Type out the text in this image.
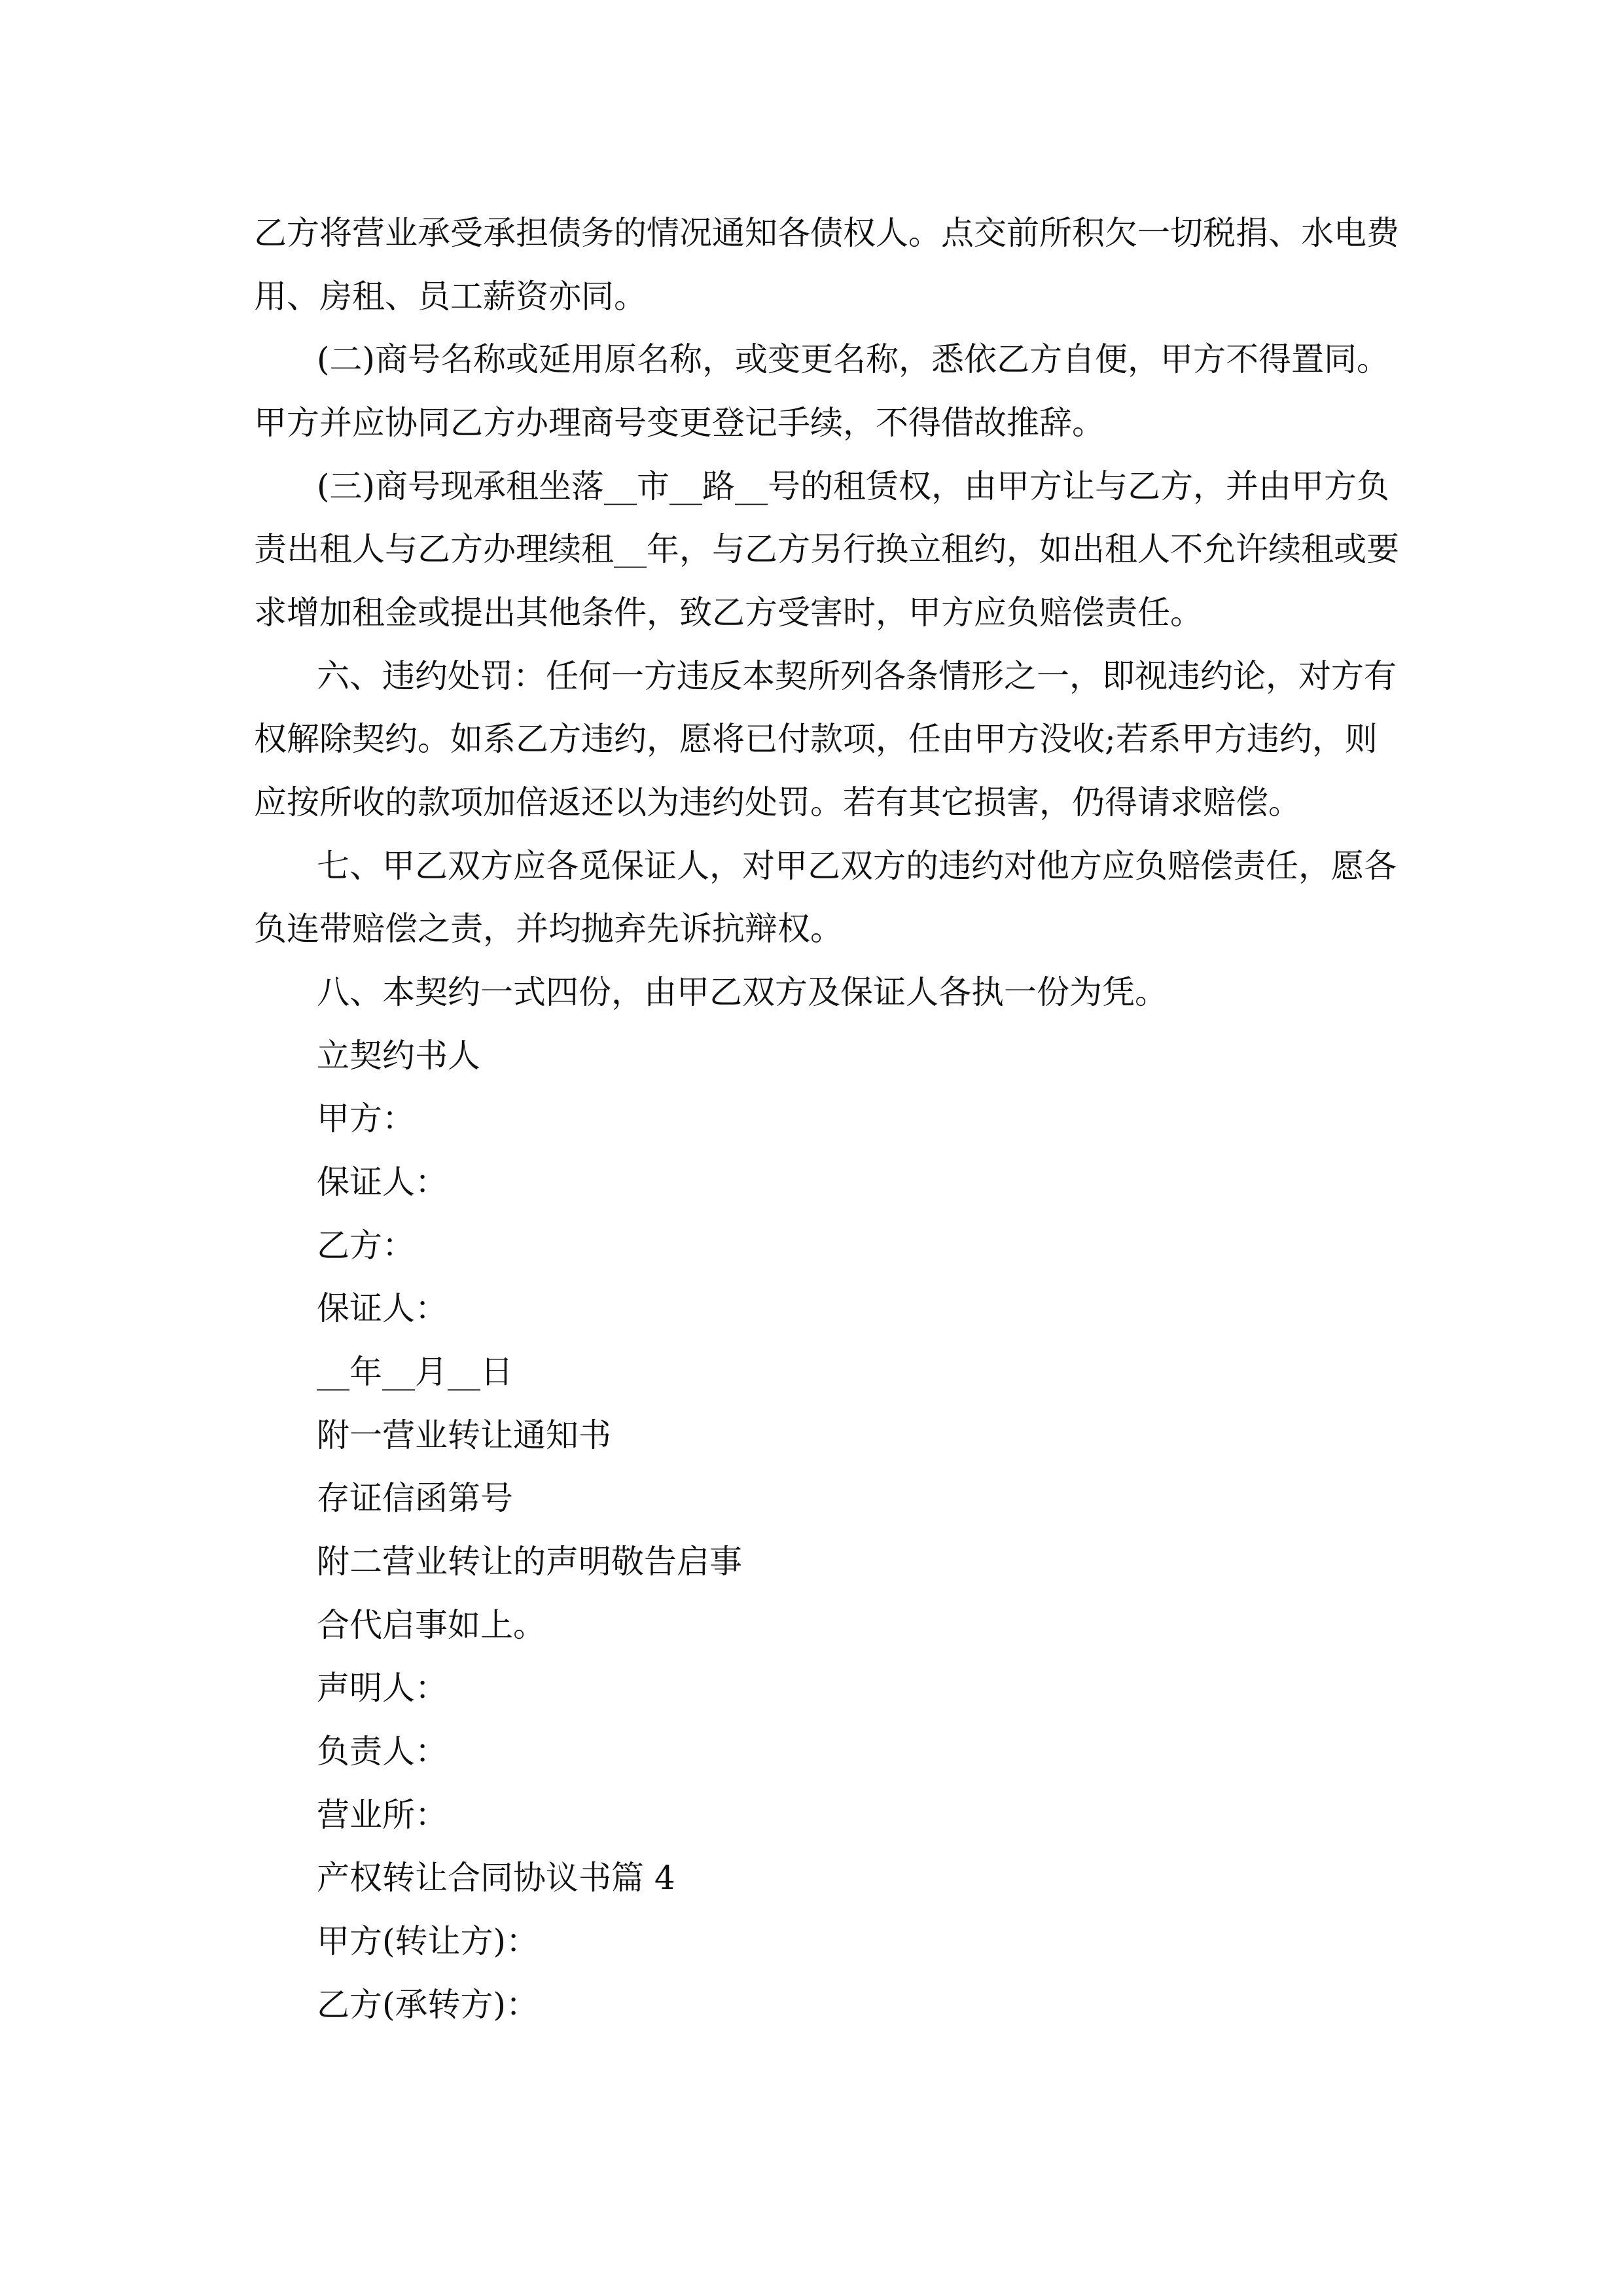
乙方将营业承受承担债务的情况通知各债权人。点交前所积欠一切税捐、水电费

用、房租、员工薪资亦同。

(二)商号名称或延用原名称，或变更名称，悉依乙方自便，甲方不得置同。

甲方并应协同乙方办理商号变更登记手续，不得借故推辞。

(三)商号现承租坐落__市__路__号的租赁权，由甲方让与乙方，并由甲方负

责出租人与乙方办理续租__年，与乙方另行换立租约，如出租人不允许续租或要

求增加租金或提出其他条件，致乙方受害时，甲方应负赔偿责任。

六、违约处罚：任何一方违反本契所列各条情形之一，即视违约论，对方有

权解除契约。如系乙方违约，愿将已付款项，任由甲方没收;若系甲方违约，则

应按所收的款项加倍返还以为违约处罚。若有其它损害，仍得请求赔偿。

七、甲乙双方应各觅保证人，对甲乙双方的违约对他方应负赔偿责任，愿各

负连带赔偿之责，并均抛弃先诉抗辩权。

八、本契约一式四份，由甲乙双方及保证人各执一份为凭。

立契约书人

甲方：

保证人：

乙方：

保证人：

__年__月__日

附一营业转让通知书

存证信函第号

附二营业转让的声明敬告启事

合代启事如上。

声明人：

负责人：

营业所：

产权转让合同协议书篇 4

甲方(转让方)：

乙方(承转方)：
